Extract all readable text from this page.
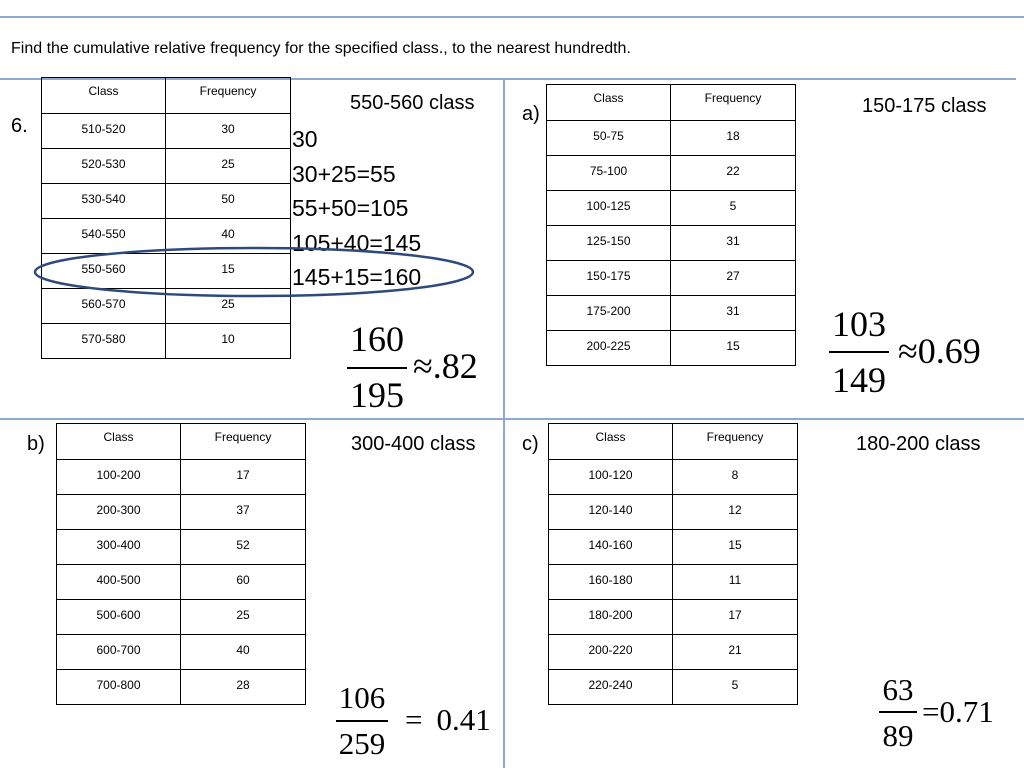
Find the cumulative relative frequency for the specified class., to the nearest hundredth.
6.
Class	Frequency
510-520	30
520-530	25
530-540	50
540-550	40
550-560	15
560-570	25
570-580	10
550-560 class
30
30+25=55
55+50=105
105+40=145
145+15=160
160
195
≈.82
a)
Class	Frequency
50-75	18
75-100	22
100-125	5
125-150	31
150-175	27
175-200	31
200-225	15
150-175 class
103
149
≈0.69
b)	Class	Frequency
100-200	17
200-300	37
300-400	52
400-500	60
500-600	25
600-700	40
700-800	28
300-400 class
106
259
= 0.41
c)	Class	Frequency
100-120	8
120-140	12
140-160	15
160-180	11
180-200	17
200-220	21
220-240	5
180-200 class
63
89
=0.71
